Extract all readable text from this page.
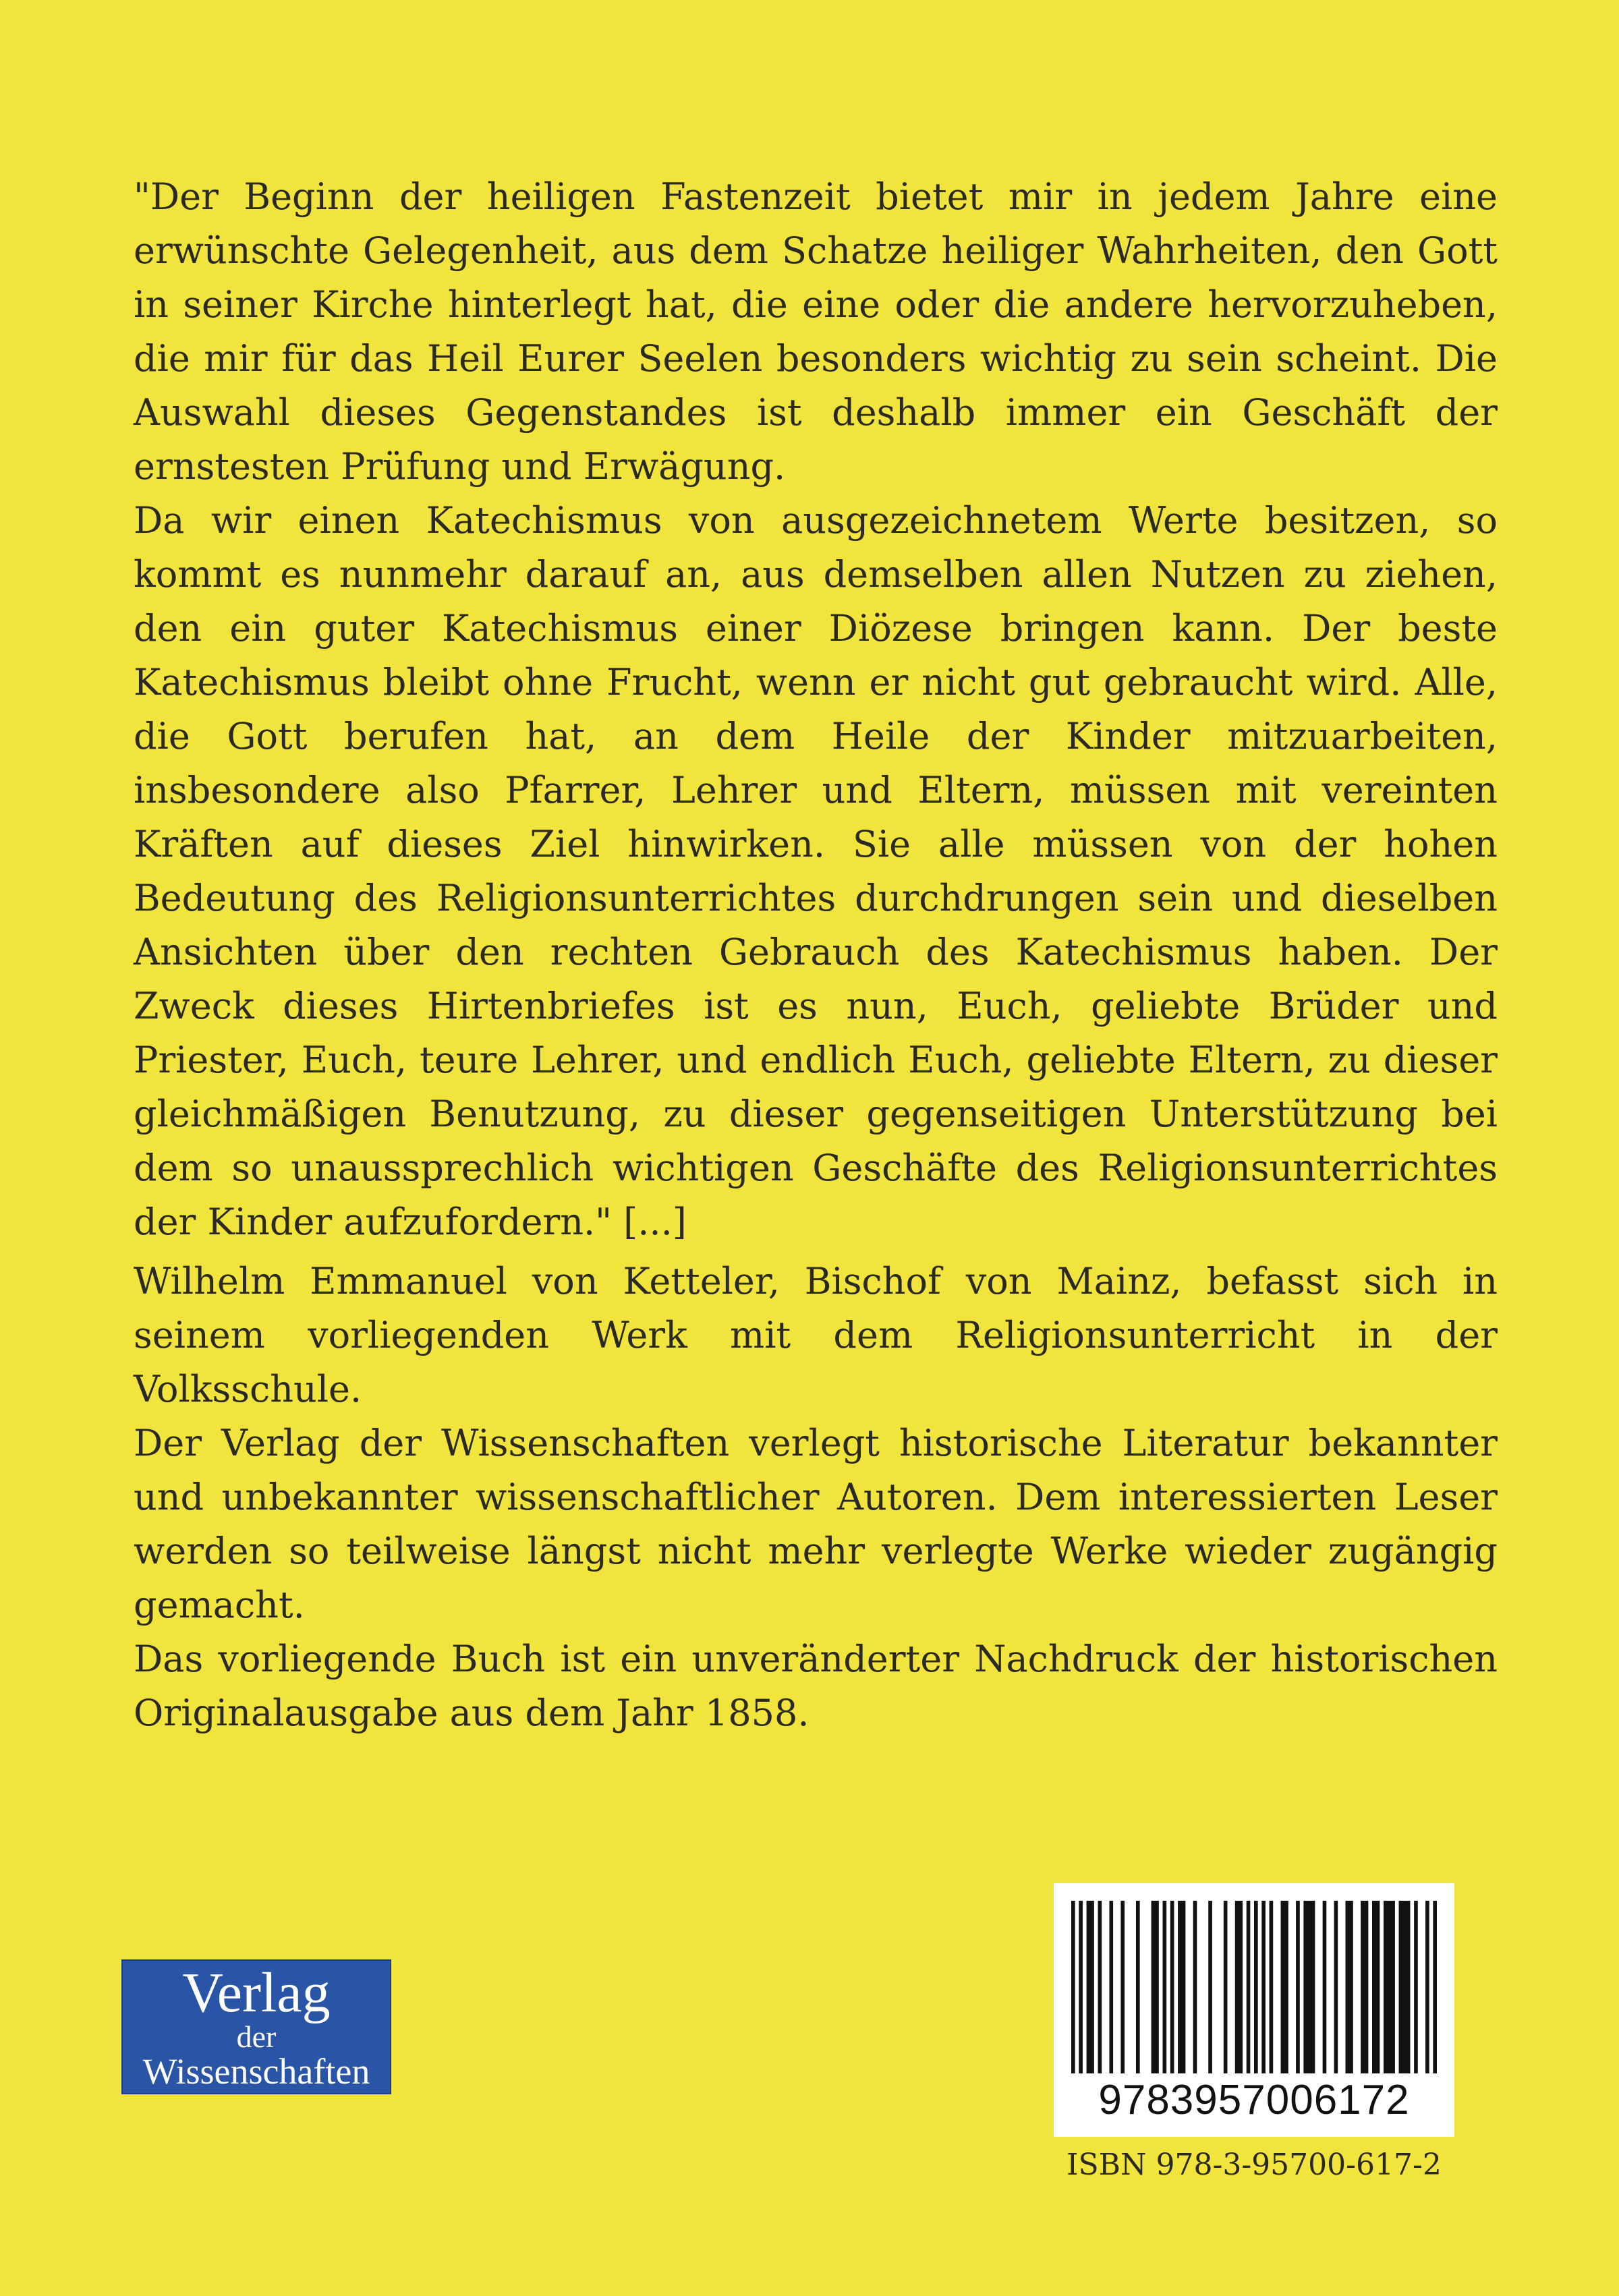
"Der Beginn der heiligen Fastenzeit bietet mir in jedem Jahre eine erwünschte Gelegenheit, aus dem Schatze heiliger Wahrheiten, den Gott in seiner Kirche hinterlegt hat, die eine oder die andere hervorzuheben, die mir für das Heil Eurer Seelen besonders wichtig zu sein scheint. Die Auswahl dieses Gegenstandes ist deshalb immer ein Geschäft der ernstesten Prüfung und Erwägung.

Da wir einen Katechismus von ausgezeichnetem Werte besitzen, so kommt es nunmehr darauf an, aus demselben allen Nutzen zu ziehen, den ein guter Katechismus einer Diözese bringen kann. Der beste Katechismus bleibt ohne Frucht, wenn er nicht gut gebraucht wird. Alle, die Gott berufen hat, an dem Heile der Kinder mitzuarbeiten, insbesondere also Pfarrer, Lehrer und Eltern, müssen mit vereinten Kräften auf dieses Ziel hinwirken. Sie alle müssen von der hohen Bedeutung des Religionsunterrichtes durchdrungen sein und dieselben Ansichten über den rechten Gebrauch des Katechismus haben. Der Zweck dieses Hirtenbriefes ist es nun, Euch, geliebte Brüder und Priester, Euch, teure Lehrer, und endlich Euch, geliebte Eltern, zu dieser gleichmäßigen Benutzung, zu dieser gegenseitigen Unterstützung bei dem so unaussprechlich wichtigen Geschäfte des Religionsunterrichtes der Kinder aufzufordern." [...]

Wilhelm Emmanuel von Ketteler, Bischof von Mainz, befasst sich in seinem vorliegenden Werk mit dem Religionsunterricht in der Volksschule.

Der Verlag der Wissenschaften verlegt historische Literatur bekannter und unbekannter wissenschaftlicher Autoren. Dem interessierten Leser werden so teilweise längst nicht mehr verlegte Werke wieder zugängig gemacht.

Das vorliegende Buch ist ein unveränderter Nachdruck der historischen Originalausgabe aus dem Jahr 1858.

Verlag
der
Wissenschaften
9783957006172
ISBN 978-3-95700-617-2
